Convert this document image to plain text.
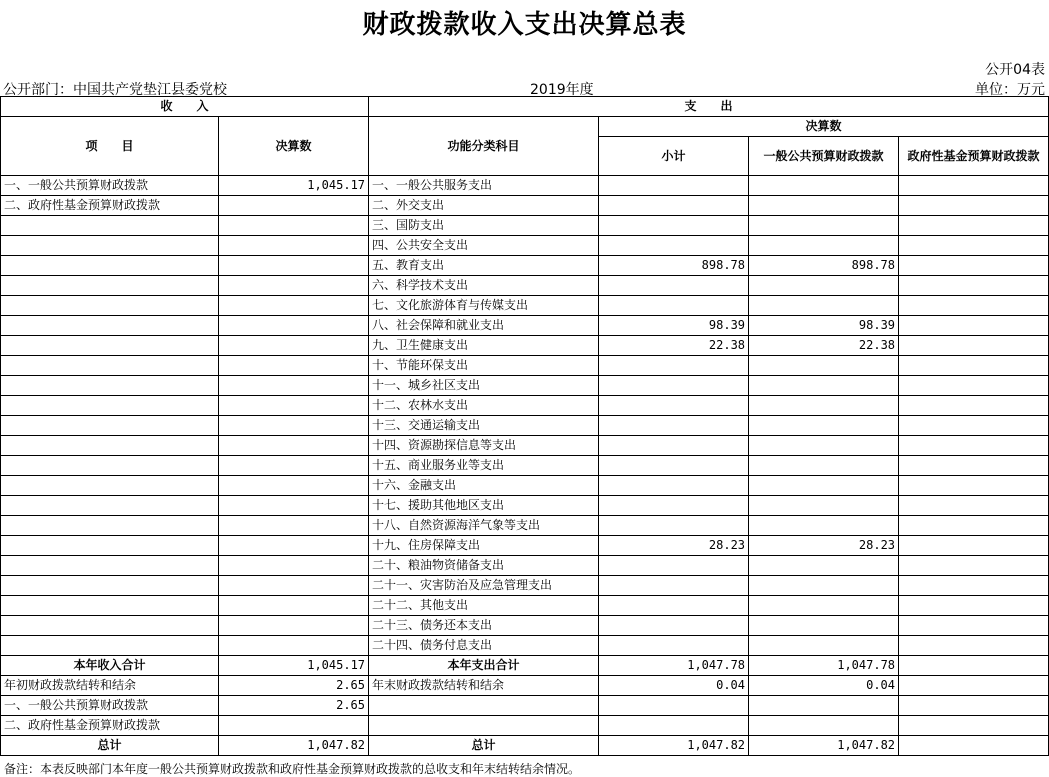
财政拨款收入支出决算总表
公开04表
公开部门：中国共产党垫江县委党校	2019年度	单位：万元
收　　入		支　　出			
项　　目	决算数	功能分类科目	决算数		
			小计	一般公共预算财政拨款	政府性基金预算财政拨款
一、一般公共预算财政拨款	1,045.17	一、一般公共服务支出			
二、政府性基金预算财政拨款		二、外交支出			
		三、国防支出			
		四、公共安全支出			
		五、教育支出	898.78	898.78	
		六、科学技术支出			
		七、文化旅游体育与传媒支出			
		八、社会保障和就业支出	98.39	98.39	
		九、卫生健康支出	22.38	22.38	
		十、节能环保支出			
		十一、城乡社区支出			
		十二、农林水支出			
		十三、交通运输支出			
		十四、资源勘探信息等支出			
		十五、商业服务业等支出			
		十六、金融支出			
		十七、援助其他地区支出			
		十八、自然资源海洋气象等支出			
		十九、住房保障支出	28.23	28.23	
		二十、粮油物资储备支出			
		二十一、灾害防治及应急管理支出			
		二十二、其他支出			
		二十三、债务还本支出			
		二十四、债务付息支出			
本年收入合计	1,045.17	本年支出合计	1,047.78	1,047.78	
年初财政拨款结转和结余	2.65	年末财政拨款结转和结余	0.04	0.04	
一、一般公共预算财政拨款	2.65				
二、政府性基金预算财政拨款					
总计	1,047.82	总计	1,047.82	1,047.82	
备注：本表反映部门本年度一般公共预算财政拨款和政府性基金预算财政拨款的总收支和年末结转结余情况。
